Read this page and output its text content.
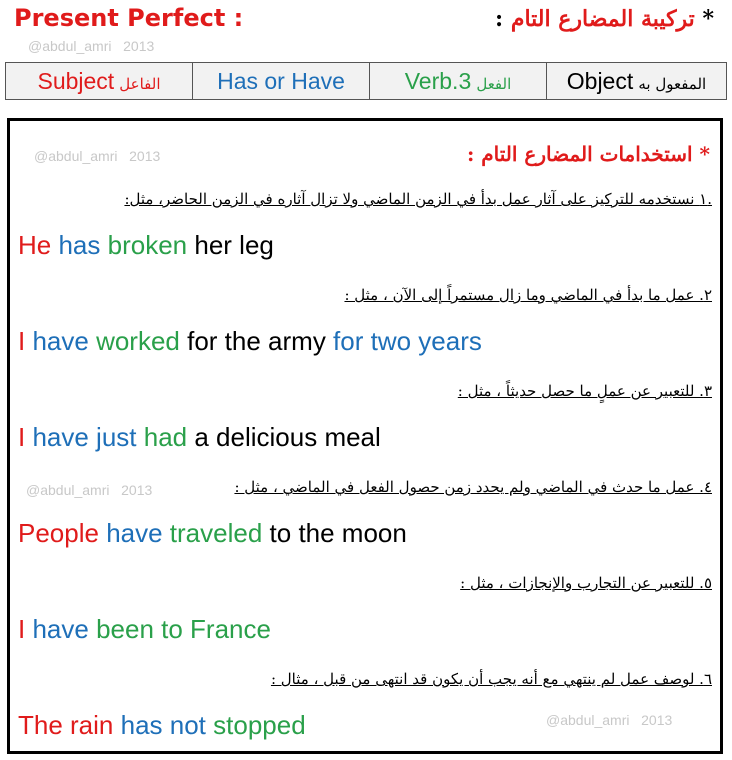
Present Perfect :	* تركيبة المضارع التام :
@abdul_amri   2013
Subject الفاعل	Has or Have	Verb.3 الفعل	Object المفعول به
* استخدامات المضارع التام :
@abdul_amri   2013
.١ نستخدمه للتركيز على آثار عمل بدأ في الزمن الماضي ولا تزال آثاره في الزمن الحاضر، مثل:
He has broken her leg
٢. عمل ما بدأ في الماضي وما زال مستمراً إلى الآن ، مثل :
I have worked for the army for two years
٣. للتعبير عن عملٍ ما حصل حديثاً ، مثل :
I have just had a delicious meal
@abdul_amri   2013	٤. عمل ما حدث في الماضي ولم يحدد زمن حصول الفعل في الماضي ، مثل :
People have traveled to the moon
٥. للتعبير عن التجارب والإنجازات ، مثل :
I have been to France
٦. لوصف عمل لم ينتهي مع أنه يجب أن يكون قد انتهى من قبل ، مثال :
The rain has not stopped	@abdul_amri   2013
